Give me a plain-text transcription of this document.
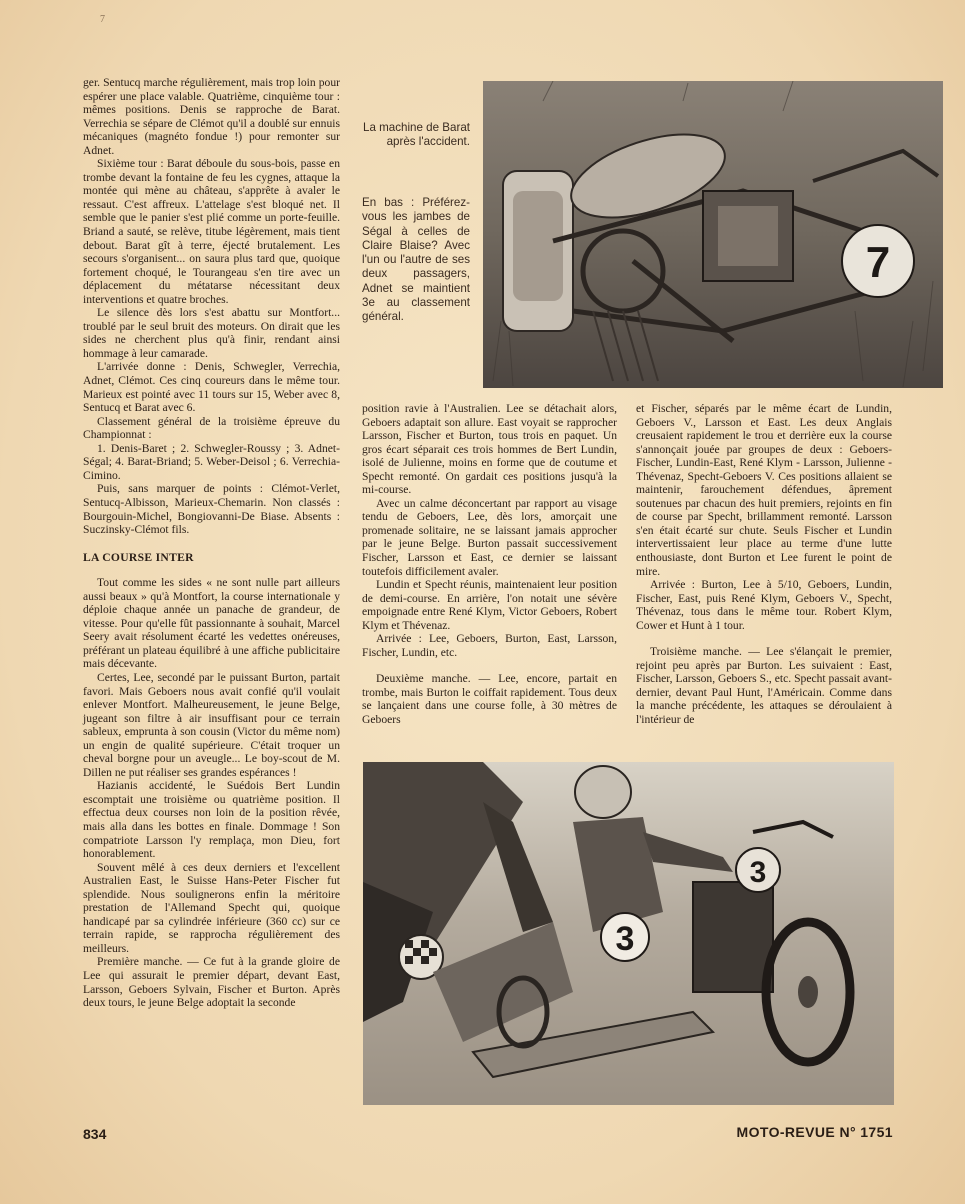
7

ger. Sentucq marche régulièrement, mais trop loin pour espérer une place valable. Quatrième, cinquième tour : mêmes positions. Denis se rapproche de Barat. Verrechia se sépare de Clémot qu'il a doublé sur ennuis mécaniques (magnéto fondue !) pour remonter sur Adnet.

Sixième tour : Barat déboule du sous-bois, passe en trombe devant la fontaine de feu les cygnes, attaque la montée qui mène au château, s'apprête à avaler le ressaut. C'est affreux. L'attelage s'est bloqué net. Il semble que le panier s'est plié comme un porte-feuille. Briand a sauté, se relève, titube légèrement, mais tient debout. Barat gît à terre, éjecté brutalement. Les secours s'organisent... on saura plus tard que, quoique fortement choqué, le Tourangeau s'en tire avec un déplacement du métatarse nécessitant deux interventions et quatre broches.

Le silence dès lors s'est abattu sur Montfort... troublé par le seul bruit des moteurs. On dirait que les sides ne cherchent plus qu'à finir, rendant ainsi hommage à leur camarade.

L'arrivée donne : Denis, Schwegler, Verrechia, Adnet, Clémot. Ces cinq coureurs dans le même tour. Marieux est pointé avec 11 tours sur 15, Weber avec 8, Sentucq et Barat avec 6.

Classement général de la troisième épreuve du Championnat :

1. Denis-Baret ; 2. Schwegler-Roussy ; 3. Adnet-Ségal; 4. Barat-Briand; 5. Weber-Deisol ; 6. Verrechia-Cimino.

Puis, sans marquer de points : Clémot-Verlet, Sentucq-Albisson, Marieux-Chemarin. Non classés : Bourgouin-Michel, Bongiovanni-De Biase. Absents : Suczinsky-Clémot fils.

LA COURSE INTER

Tout comme les sides « ne sont nulle part ailleurs aussi beaux » qu'à Montfort, la course internationale y déploie chaque année un panache de grandeur, de vitesse. Pour qu'elle fût passionnante à souhait, Marcel Seery avait résolument écarté les vedettes onéreuses, préférant un plateau équilibré à une affiche publicitaire mais décevante.

Certes, Lee, secondé par le puissant Burton, partait favori. Mais Geboers nous avait confié qu'il voulait enlever Montfort. Malheureusement, le jeune Belge, jugeant son filtre à air insuffisant pour ce terrain sableux, emprunta à son cousin (Victor du même nom) un engin de qualité supérieure. C'était troquer un cheval borgne pour un aveugle... Le boy-scout de M. Dillen ne put réaliser ses grandes espérances !

Hazianis accidenté, le Suédois Bert Lundin escomptait une troisième ou quatrième position. Il effectua deux courses non loin de la position rêvée, mais alla dans les bottes en finale. Dommage ! Son compatriote Larsson l'y remplaça, mon Dieu, fort honorablement.

Souvent mêlé à ces deux derniers et l'excellent Australien East, le Suisse Hans-Peter Fischer fut splendide. Nous soulignerons enfin la méritoire prestation de l'Allemand Specht qui, quoique handicapé par sa cylindrée inférieure (360 cc) sur ce terrain rapide, se rapprocha régulièrement des meilleurs.

Première manche. — Ce fut à la grande gloire de Lee qui assurait le premier départ, devant East, Larsson, Geboers Sylvain, Fischer et Burton. Après deux tours, le jeune Belge adoptait la seconde

La machine de Barat après l'accident.
En bas : Préférez-vous les jambes de Ségal à celles de Claire Blaise? Avec l'un ou l'autre de ses deux passagers, Adnet se maintient 3e au classement général.
7

position ravie à l'Australien. Lee se détachait alors, Geboers adaptait son allure. East voyait se rapprocher Larsson, Fischer et Burton, tous trois en paquet. Un gros écart séparait ces trois hommes de Bert Lundin, isolé de Julienne, moins en forme que de coutume et Specht remonté. On gardait ces positions jusqu'à la mi-course.

Avec un calme déconcertant par rapport au visage tendu de Geboers, Lee, dès lors, amorçait une promenade solitaire, ne se laissant jamais approcher par le jeune Belge. Burton passait successivement Fischer, Larsson et East, ce dernier se laissant toutefois difficilement avaler.

Lundin et Specht réunis, maintenaient leur position de demi-course. En arrière, l'on notait une sévère empoignade entre René Klym, Victor Geboers, Robert Klym et Thévenaz.

Arrivée : Lee, Geboers, Burton, East, Larsson, Fischer, Lundin, etc.

Deuxième manche. — Lee, encore, partait en trombe, mais Burton le coiffait rapidement. Tous deux se lançaient dans une course folle, à 30 mètres de Geboers

et Fischer, séparés par le même écart de Lundin, Geboers V., Larsson et East. Les deux Anglais creusaient rapidement le trou et derrière eux la course s'annonçait jouée par groupes de deux : Geboers-Fischer, Lundin-East, René Klym - Larsson, Julienne - Thévenaz, Specht-Geboers V. Ces positions allaient se maintenir, farouchement défendues, âprement soutenues par chacun des huit premiers, rejoints en fin de course par Specht, brillamment remonté. Larsson s'en était écarté sur chute. Seuls Fischer et Lundin intervertissaient leur place au terme d'une lutte enthousiaste, dont Burton et Lee furent le point de mire.

Arrivée : Burton, Lee à 5/10, Geboers, Lundin, Fischer, East, puis René Klym, Geboers V., Specht, Thévenaz, tous dans le même tour. Robert Klym, Cower et Hunt à 1 tour.

Troisième manche. — Lee s'élançait le premier, rejoint peu après par Burton. Les suivaient : East, Fischer, Larsson, Geboers S., etc. Specht passait avant-dernier, devant Paul Hunt, l'Américain. Comme dans la manche précédente, les attaques se déroulaient à l'intérieur de

3
3
834	MOTO-REVUE N° 1751
